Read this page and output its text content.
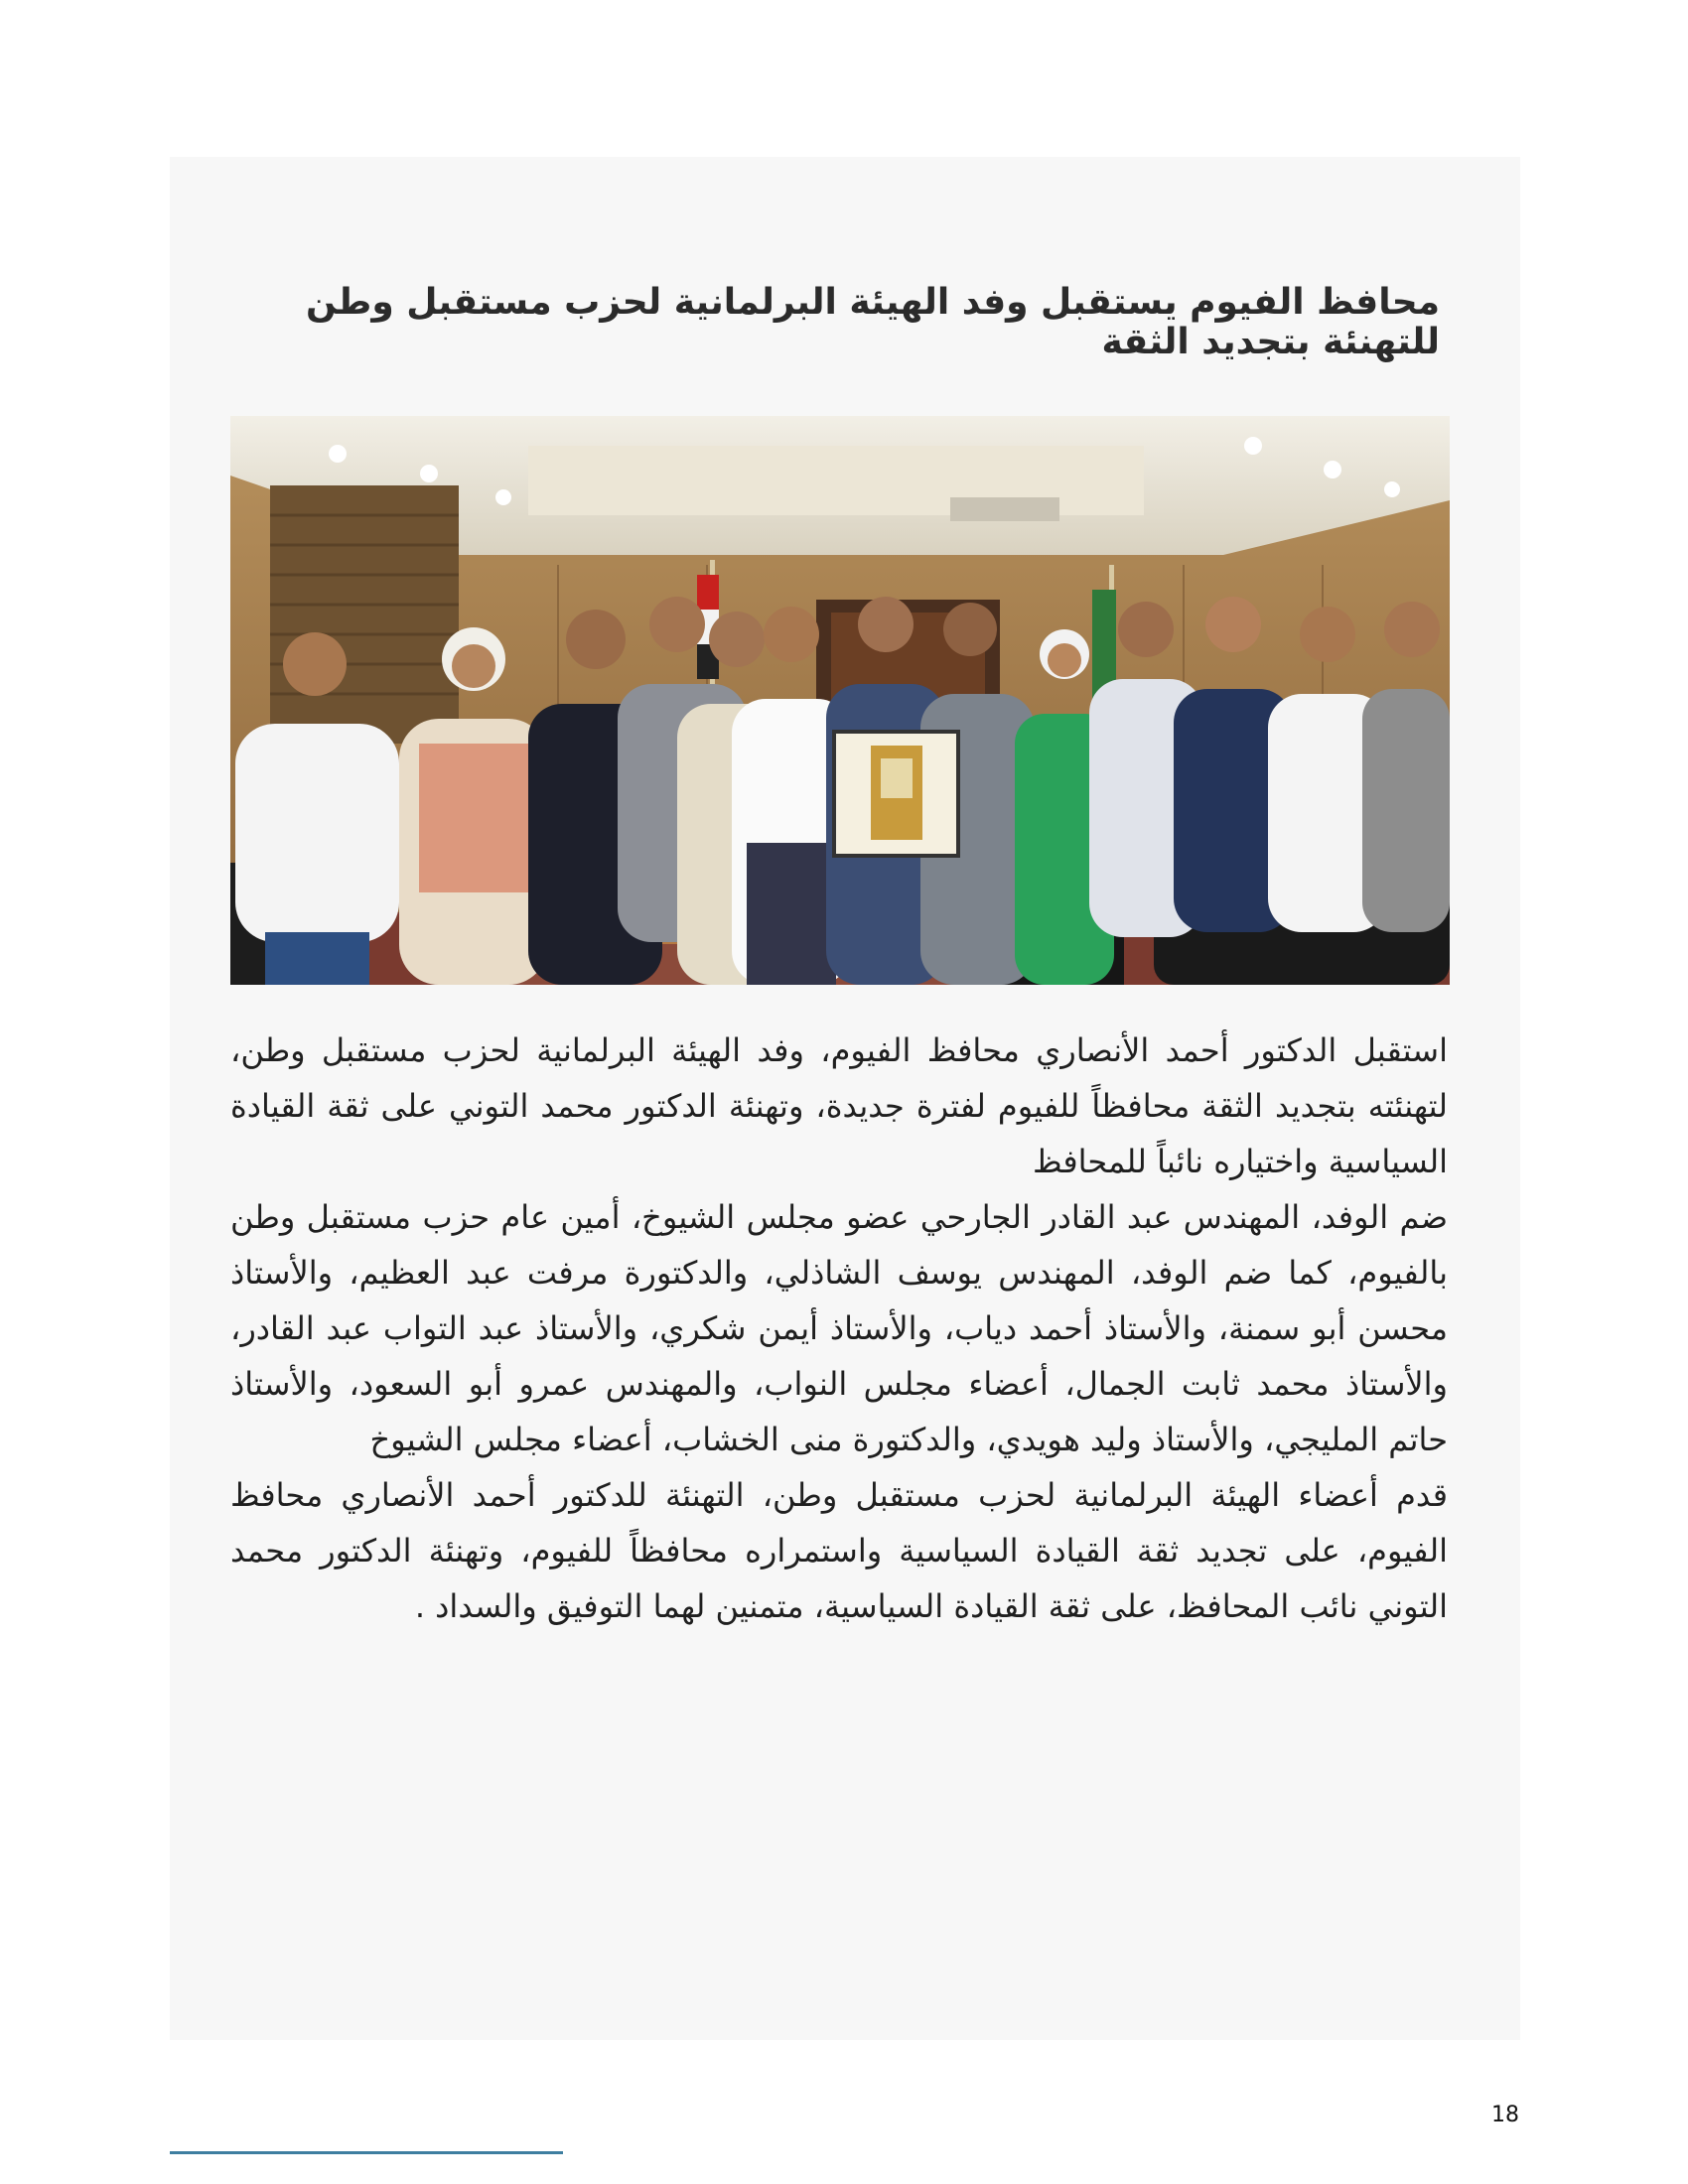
محافظ الفيوم يستقبل وفد الهيئة البرلمانية لحزب مستقبل وطن
للتهنئة بتجديد الثقة

استقبل الدكتور أحمد الأنصاري محافظ الفيوم، وفد الهيئة البرلمانية لحزب مستقبل وطن، لتهنئته بتجديد الثقة محافظاً للفيوم لفترة جديدة، وتهنئة الدكتور محمد التوني على ثقة القيادة السياسية واختياره نائباً للمحافظ

ضم الوفد، المهندس عبد القادر الجارحي عضو مجلس الشيوخ، أمين عام حزب مستقبل وطن بالفيوم، كما ضم الوفد، المهندس يوسف الشاذلي، والدكتورة مرفت عبد العظيم، والأستاذ محسن أبو سمنة، والأستاذ أحمد دياب، والأستاذ أيمن شكري، والأستاذ عبد التواب عبد القادر، والأستاذ محمد ثابت الجمال، أعضاء مجلس النواب، والمهندس عمرو أبو السعود، والأستاذ حاتم المليجي، والأستاذ وليد هويدي، والدكتورة منى الخشاب، أعضاء مجلس الشيوخ

قدم أعضاء الهيئة البرلمانية لحزب مستقبل وطن، التهنئة للدكتور أحمد الأنصاري محافظ الفيوم، على تجديد ثقة القيادة السياسية واستمراره محافظاً للفيوم، وتهنئة الدكتور محمد التوني نائب المحافظ، على ثقة القيادة السياسية، متمنين لهما التوفيق والسداد .

18
